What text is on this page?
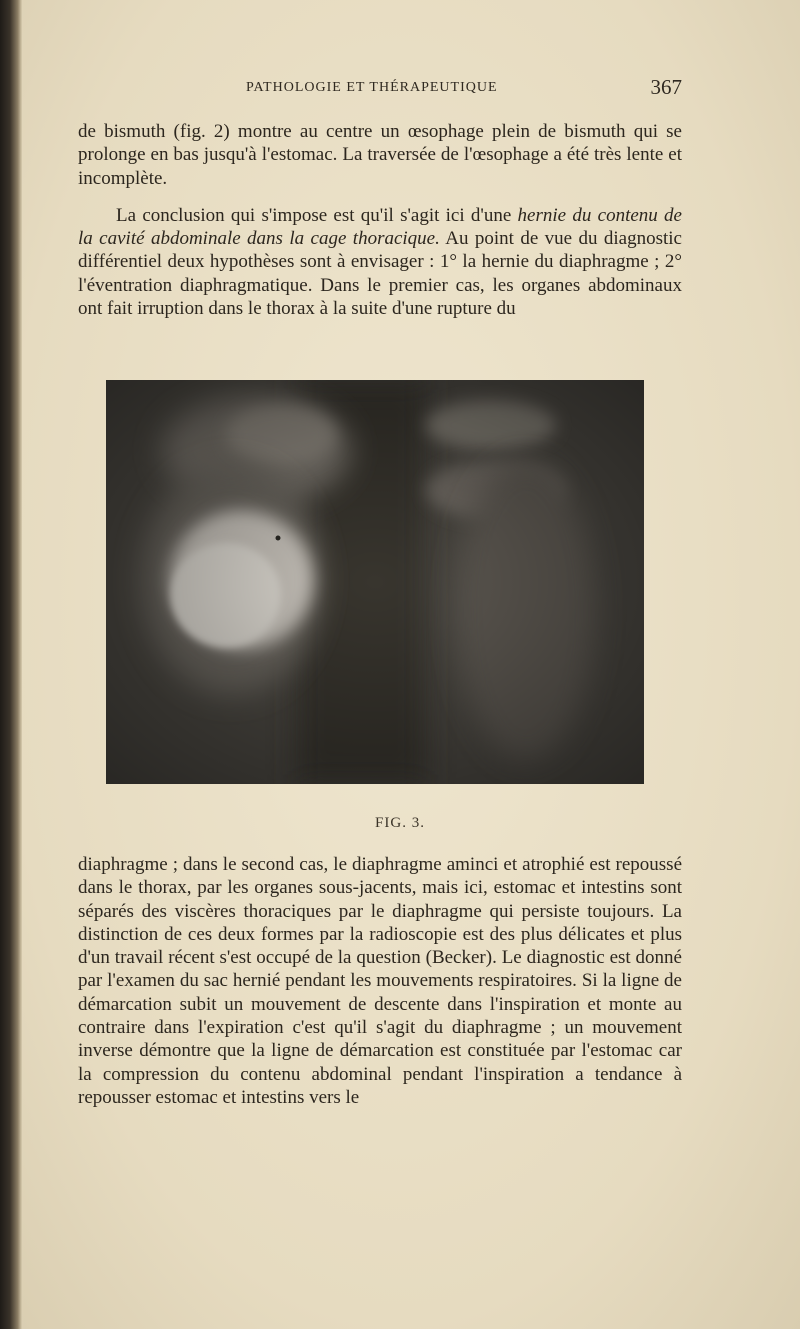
PATHOLOGIE ET THÉRAPEUTIQUE	367

de bismuth (fig. 2) montre au centre un œsophage plein de bismuth qui se prolonge en bas jusqu'à l'estomac. La traversée de l'œsophage a été très lente et incomplète.

La conclusion qui s'impose est qu'il s'agit ici d'une hernie du contenu de la cavité abdominale dans la cage thoracique. Au point de vue du diagnostic différentiel deux hypothèses sont à envisager : 1° la hernie du diaphragme ; 2° l'éventration diaphragmatique. Dans le premier cas, les organes abdominaux ont fait irruption dans le thorax à la suite d'une rupture du

FIG. 3.

diaphragme ; dans le second cas, le diaphragme aminci et atrophié est repoussé dans le thorax, par les organes sous-jacents, mais ici, estomac et intestins sont séparés des viscères thoraciques par le diaphragme qui persiste toujours. La distinction de ces deux formes par la radioscopie est des plus délicates et plus d'un travail récent s'est occupé de la question (Becker). Le diagnostic est donné par l'examen du sac hernié pendant les mouvements respiratoires. Si la ligne de démarcation subit un mouvement de descente dans l'inspiration et monte au contraire dans l'expiration c'est qu'il s'agit du diaphragme ; un mouvement inverse démontre que la ligne de démarcation est constituée par l'estomac car la compression du contenu abdominal pendant l'inspiration a tendance à repousser estomac et intestins vers le
